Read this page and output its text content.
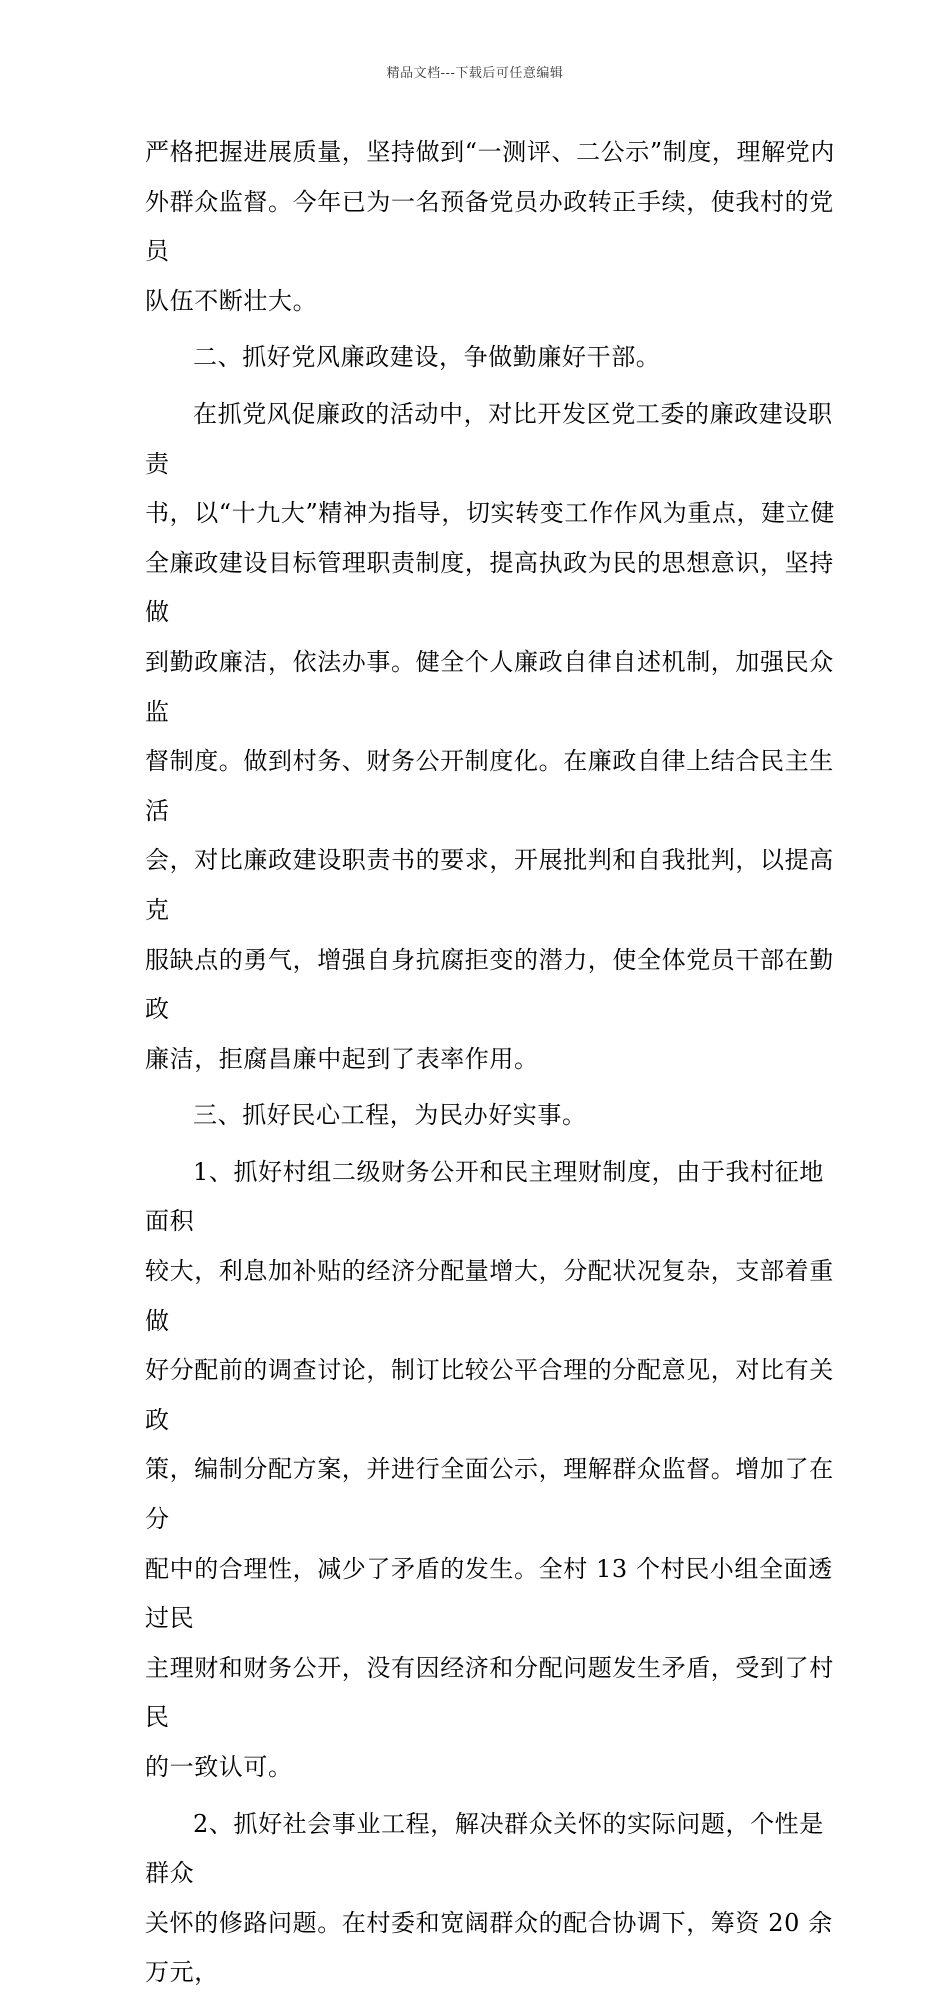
精品文档---下载后可任意编辑

严格把握进展质量，坚持做到“一测评、二公示”制度，理解党内

外群众监督。今年已为一名预备党员办政转正手续，使我村的党员

队伍不断壮大。

二、抓好党风廉政建设，争做勤廉好干部。

在抓党风促廉政的活动中，对比开发区党工委的廉政建设职责

书，以“十九大”精神为指导，切实转变工作作风为重点，建立健

全廉政建设目标管理职责制度，提高执政为民的思想意识，坚持做

到勤政廉洁，依法办事。健全个人廉政自律自述机制，加强民众监

督制度。做到村务、财务公开制度化。在廉政自律上结合民主生活

会，对比廉政建设职责书的要求，开展批判和自我批判，以提高克

服缺点的勇气，增强自身抗腐拒变的潜力，使全体党员干部在勤政

廉洁，拒腐昌廉中起到了表率作用。

三、抓好民心工程，为民办好实事。

1、抓好村组二级财务公开和民主理财制度，由于我村征地面积

较大，利息加补贴的经济分配量增大，分配状况复杂，支部着重做

好分配前的调查讨论，制订比较公平合理的分配意见，对比有关政

策，编制分配方案，并进行全面公示，理解群众监督。增加了在分

配中的合理性，减少了矛盾的发生。全村 13 个村民小组全面透过民

主理财和财务公开，没有因经济和分配问题发生矛盾，受到了村民

的一致认可。

2、抓好社会事业工程，解决群众关怀的实际问题，个性是群众

关怀的修路问题。在村委和宽阔群众的配合协调下，筹资 20 余万元，
